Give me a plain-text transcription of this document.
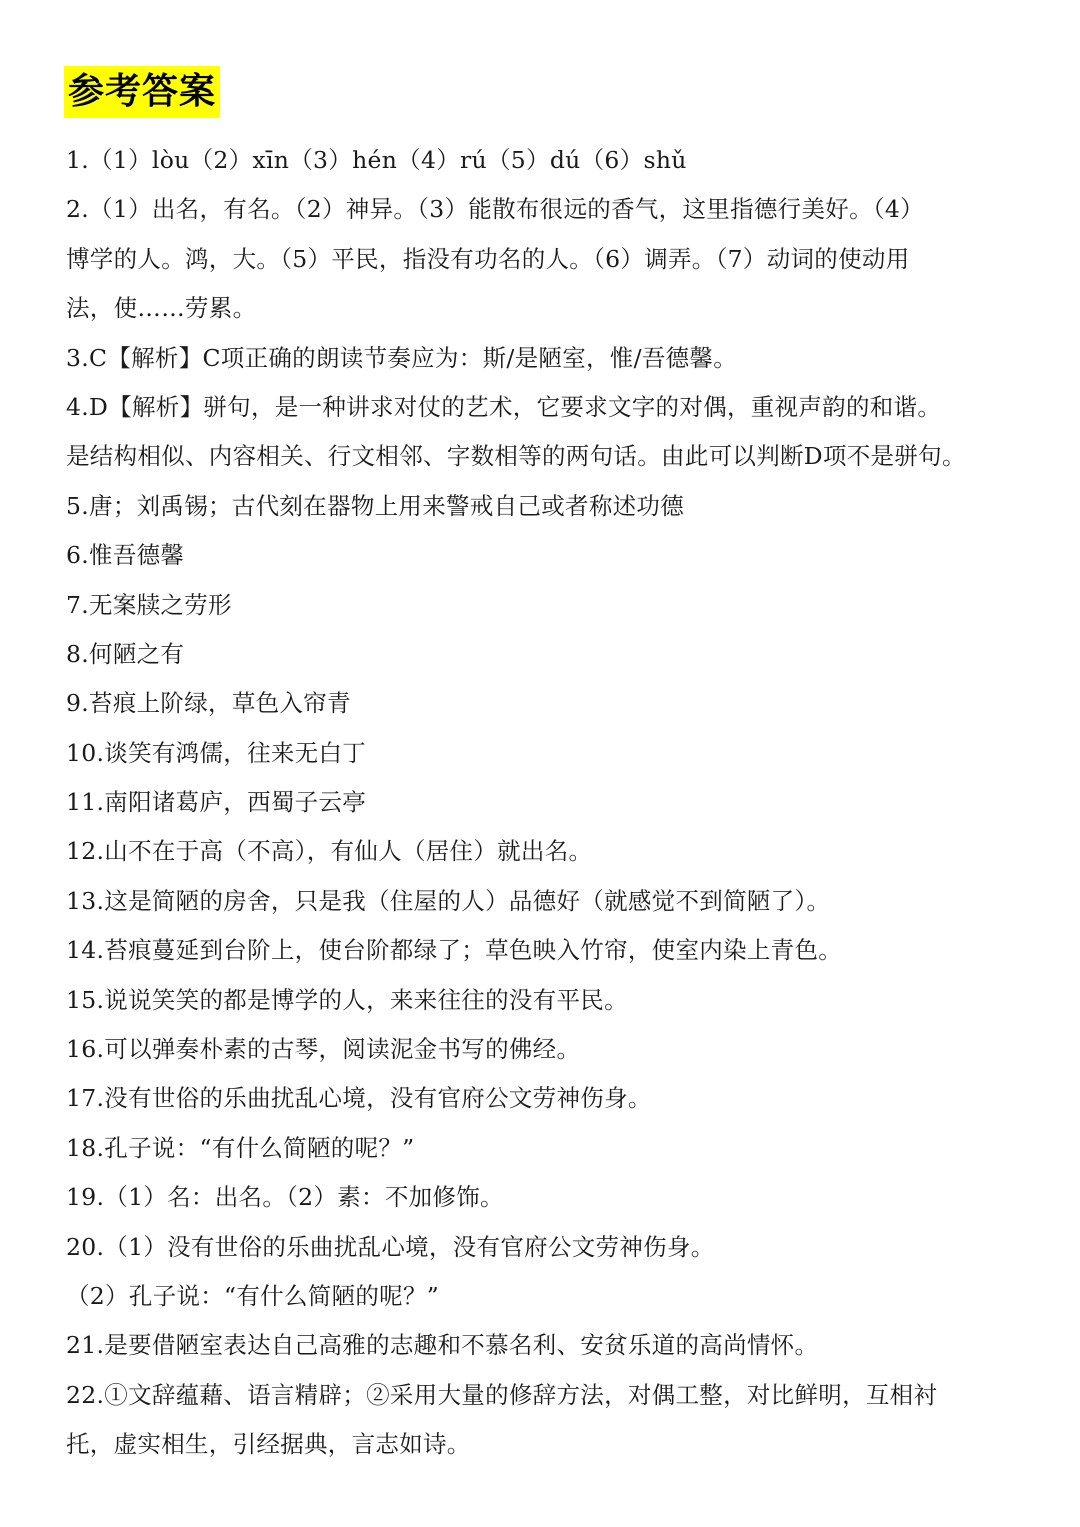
参考答案
1.（1）lòu（2）xīn（3）hén（4）rú（5）dú（6）shǔ
2.（1）出名，有名。（2）神异。（3）能散布很远的香气，这里指德行美好。（4）
博学的人。鸿，大。（5）平民，指没有功名的人。（6）调弄。（7）动词的使动用
法，使……劳累。
3.C【解析】C项正确的朗读节奏应为：斯/是陋室，惟/吾德馨。
4.D【解析】骈句，是一种讲求对仗的艺术，它要求文字的对偶，重视声韵的和谐。
是结构相似、内容相关、行文相邻、字数相等的两句话。由此可以判断D项不是骈句。
5.唐；刘禹锡；古代刻在器物上用来警戒自己或者称述功德
6.惟吾德馨
7.无案牍之劳形
8.何陋之有
9.苔痕上阶绿，草色入帘青
10.谈笑有鸿儒，往来无白丁
11.南阳诸葛庐，西蜀子云亭
12.山不在于高（不高），有仙人（居住）就出名。
13.这是简陋的房舍，只是我（住屋的人）品德好（就感觉不到简陋了）。
14.苔痕蔓延到台阶上，使台阶都绿了；草色映入竹帘，使室内染上青色。
15.说说笑笑的都是博学的人，来来往往的没有平民。
16.可以弹奏朴素的古琴，阅读泥金书写的佛经。
17.没有世俗的乐曲扰乱心境，没有官府公文劳神伤身。
18.孔子说：“有什么简陋的呢？”
19.（1）名：出名。（2）素：不加修饰。
20.（1）没有世俗的乐曲扰乱心境，没有官府公文劳神伤身。
（2）孔子说：“有什么简陋的呢？”
21.是要借陋室表达自己高雅的志趣和不慕名利、安贫乐道的高尚情怀。
22.①文辞蕴藉、语言精辟；②采用大量的修辞方法，对偶工整，对比鲜明，互相衬
托，虚实相生，引经据典，言志如诗。
